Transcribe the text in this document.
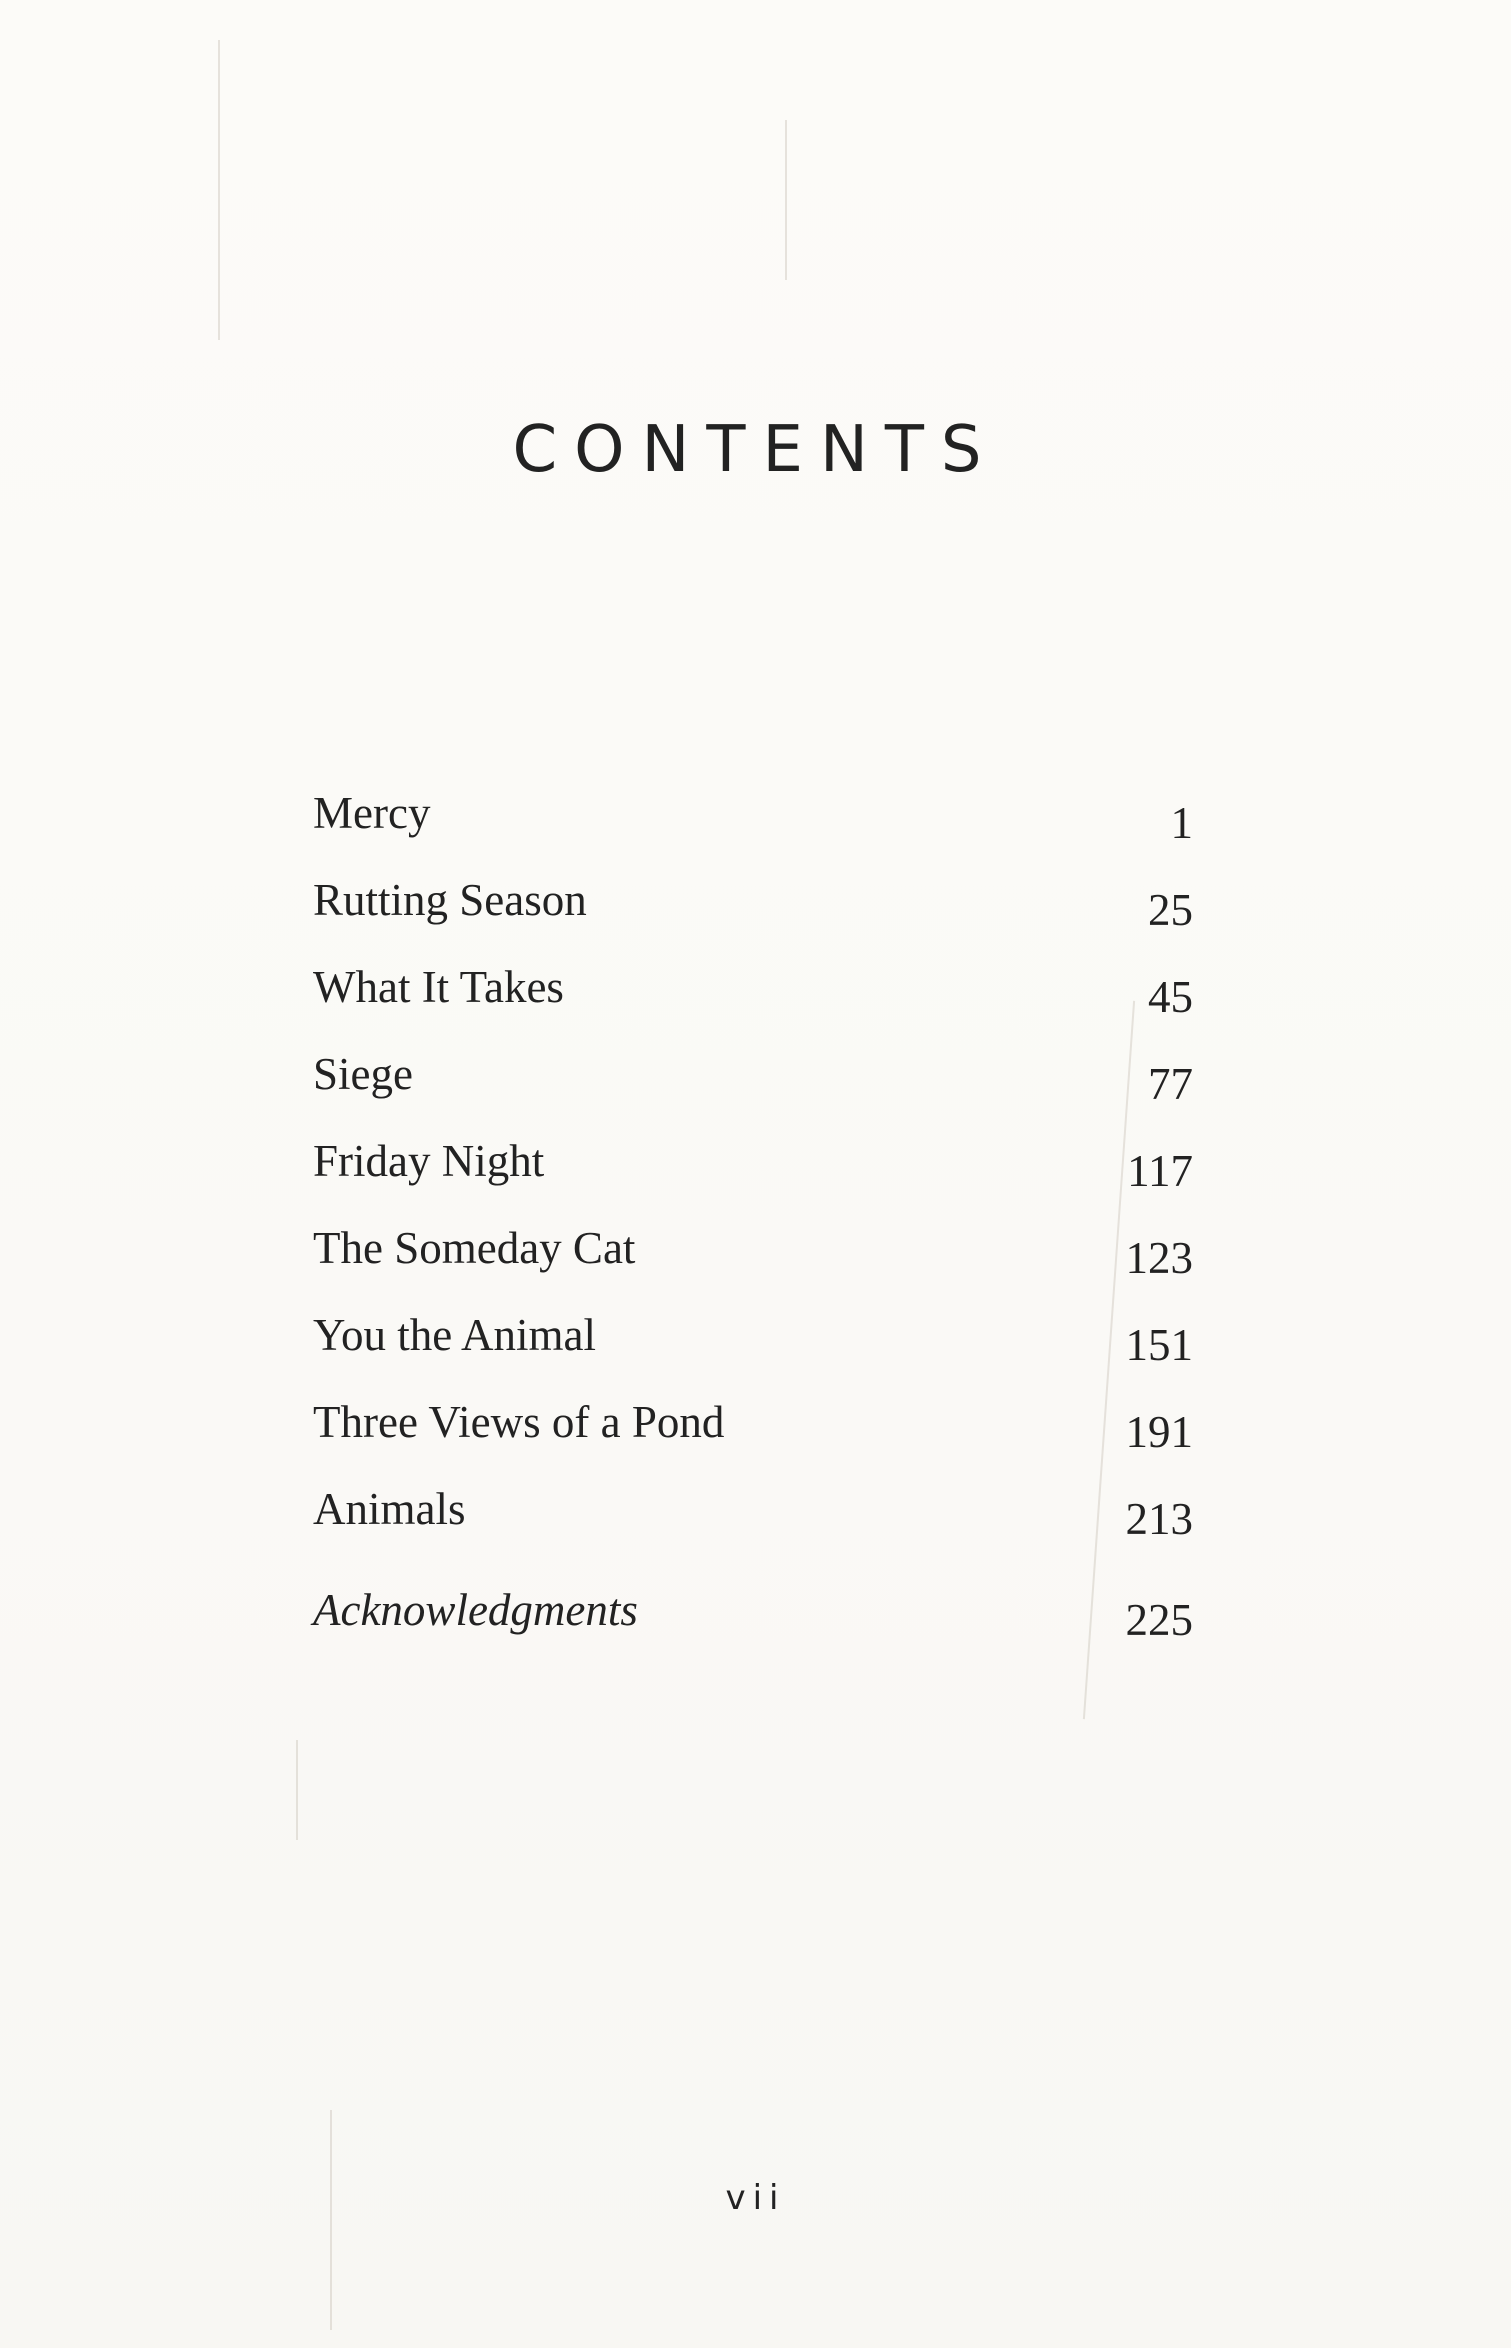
CONTENTS
Mercy	1
Rutting Season	25
What It Takes	45
Siege	77
Friday Night	117
The Someday Cat	123
You the Animal	151
Three Views of a Pond	191
Animals	213
Acknowledgments	225
vii
